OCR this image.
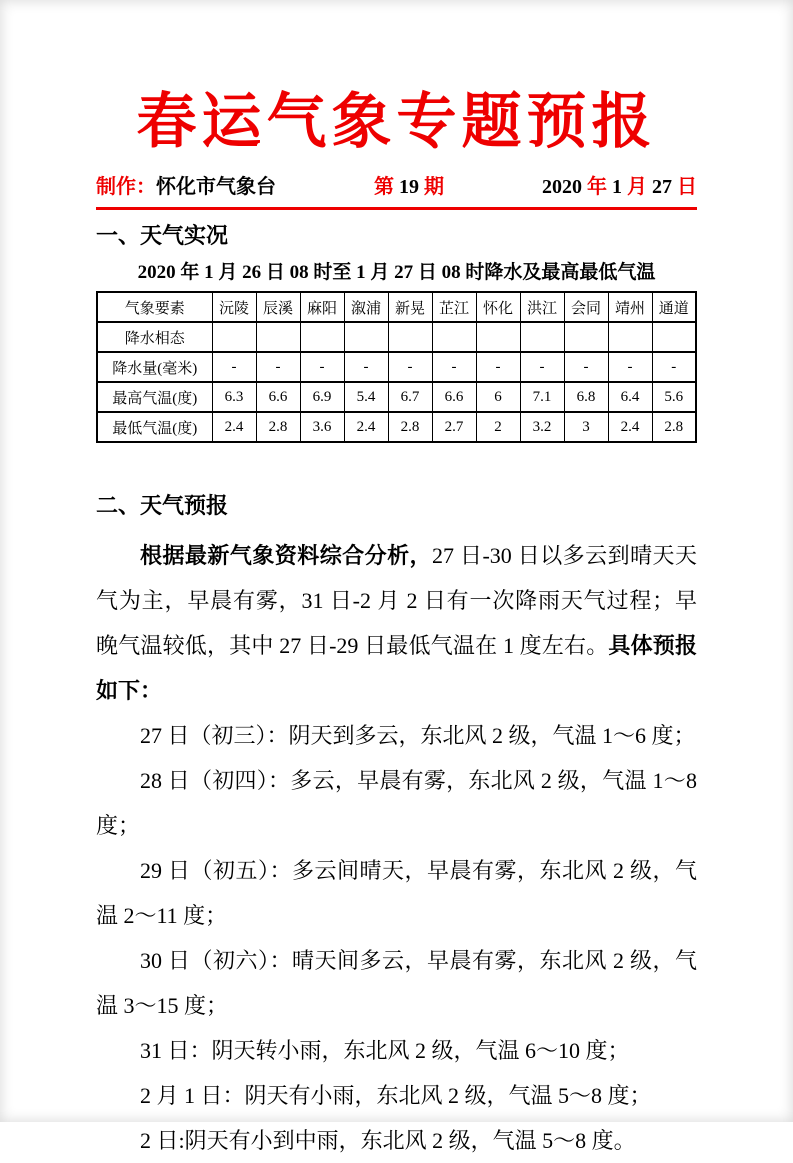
春运气象专题预报
制作：怀化市气象台	第 19 期	2020 年 1 月 27 日
一、天气实况
2020 年 1 月 26 日 08 时至 1 月 27 日 08 时降水及最高最低气温
气象要素	沅陵	辰溪	麻阳	溆浦	新晃	芷江	怀化	洪江	会同	靖州	通道
降水相态											
降水量(毫米)	-	-	-	-	-	-	-	-	-	-	-
最高气温(度)	6.3	6.6	6.9	5.4	6.7	6.6	6	7.1	6.8	6.4	5.6
最低气温(度)	2.4	2.8	3.6	2.4	2.8	2.7	2	3.2	3	2.4	2.8
二、天气预报

根据最新气象资料综合分析，27 日-30 日以多云到晴天天气为主，早晨有雾，31 日-2 月 2 日有一次降雨天气过程；早晚气温较低，其中 27 日-29 日最低气温在 1 度左右。具体预报如下：

27 日（初三）：阴天到多云，东北风 2 级，气温 1～6 度；

28 日（初四）：多云，早晨有雾，东北风 2 级，气温 1～8 度；

29 日（初五）：多云间晴天，早晨有雾，东北风 2 级，气温 2～11 度；

30 日（初六）：晴天间多云，早晨有雾，东北风 2 级，气温 3～15 度；

31 日：阴天转小雨，东北风 2 级，气温 6～10 度；

2 月 1 日：阴天有小雨，东北风 2 级，气温 5～8 度；

2 日:阴天有小到中雨，东北风 2 级，气温 5～8 度。
